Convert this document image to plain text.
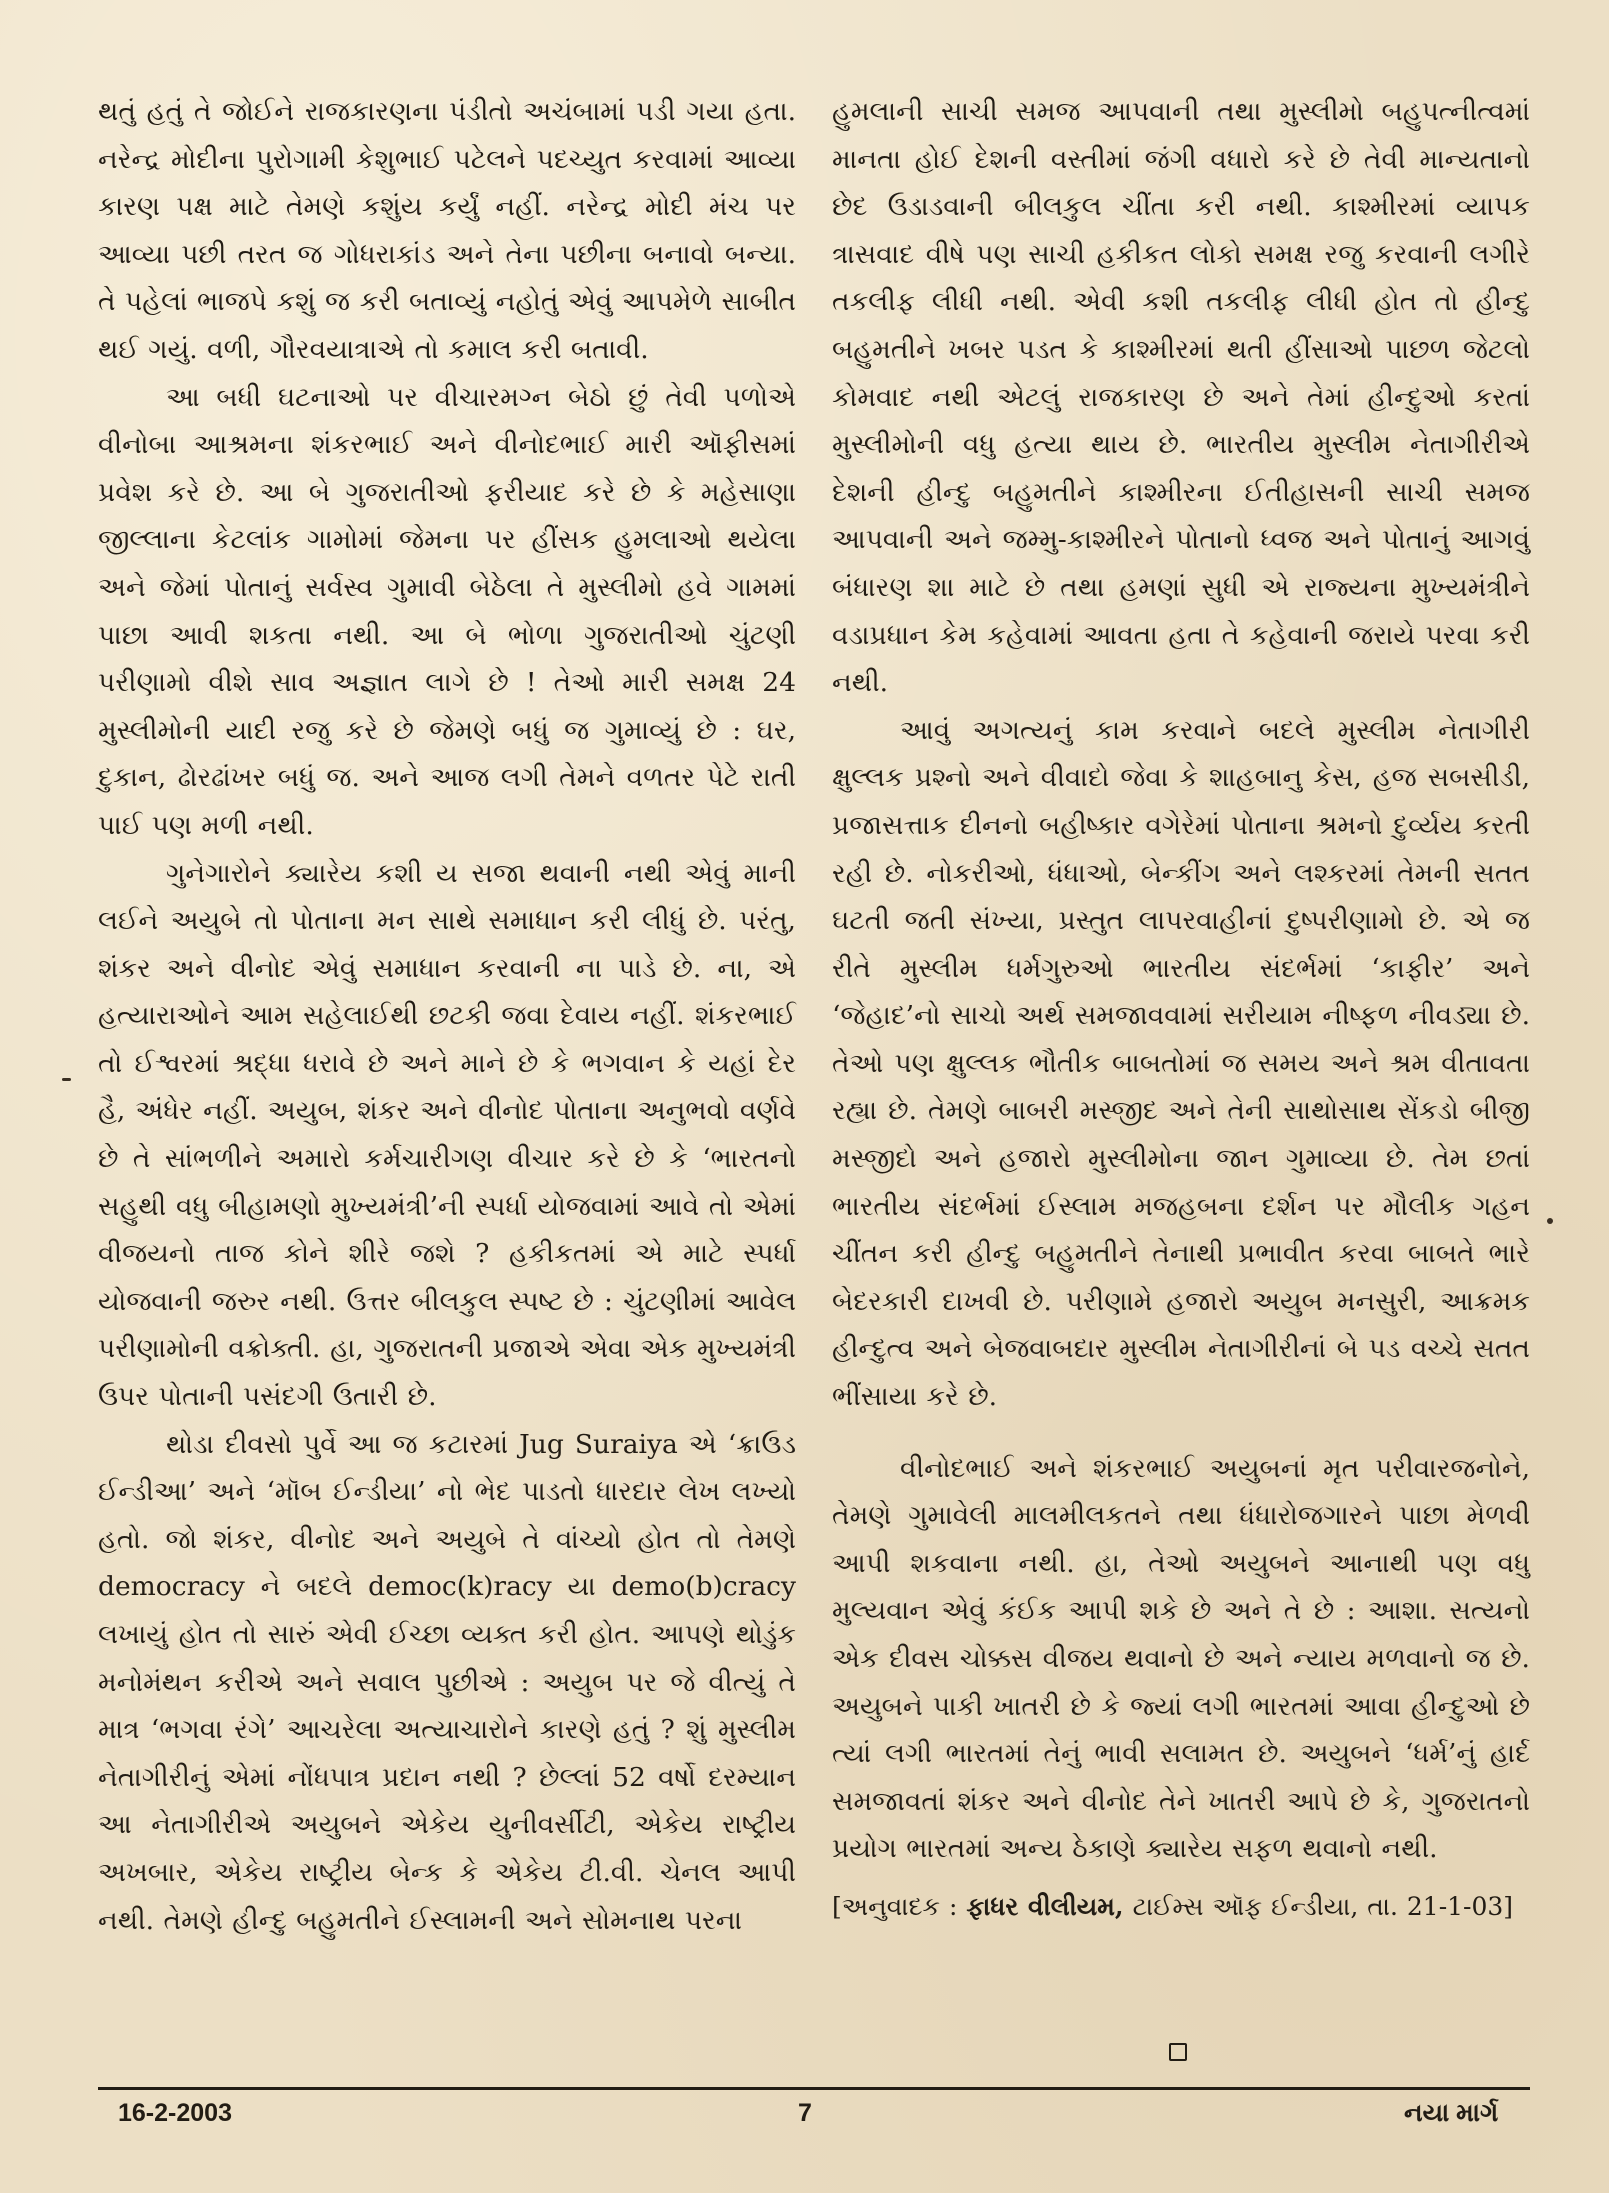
થતું હતું તે જોઈને રાજકારણના પંડીતો અચંબામાં પડી ગયા હતા. નરેન્દ્ર મોદીના પુરોગામી કેશુભાઈ પટેલને પદચ્યુત કરવામાં આવ્યા કારણ પક્ષ માટે તેમણે કશુંય કર્યું નહીં. નરેન્દ્ર મોદી મંચ પર આવ્યા પછી તરત જ ગોધરાકાંડ અને તેના પછીના બનાવો બન્યા. તે પહેલાં ભાજપે કશું જ કરી બતાવ્યું નહોતું એવું આપમેળે સાબીત થઈ ગયું. વળી, ગૌરવયાત્રાએ તો કમાલ કરી બતાવી.

આ બધી ઘટનાઓ પર વીચારમગ્ન બેઠો છું તેવી પળોએ વીનોબા આશ્રમના શંકરભાઈ અને વીનોદભાઈ મારી ઑફીસમાં પ્રવેશ કરે છે. આ બે ગુજરાતીઓ ફરીયાદ કરે છે કે મહેસાણા જીલ્લાના કેટલાંક ગામોમાં જેમના પર હીંસક હુમલાઓ થયેલા અને જેમાં પોતાનું સર્વસ્વ ગુમાવી બેઠેલા તે મુસ્લીમો હવે ગામમાં પાછા આવી શકતા નથી. આ બે ભોળા ગુજરાતીઓ ચુંટણી પરીણામો વીશે સાવ અજ્ઞાત લાગે છે ! તેઓ મારી સમક્ષ 24 મુસ્લીમોની યાદી રજુ કરે છે જેમણે બધું જ ગુમાવ્યું છે : ઘર, દુકાન, ઢોરઢાંખર બધું જ. અને આજ લગી તેમને વળતર પેટે રાતી પાઈ પણ મળી નથી.

ગુનેગારોને ક્યારેય કશી ય સજા થવાની નથી એવું માની લઈને અયુબે તો પોતાના મન સાથે સમાધાન કરી લીધું છે. પરંતુ, શંકર અને વીનોદ એવું સમાધાન કરવાની ના પાડે છે. ના, એ હત્યારાઓને આમ સહેલાઈથી છટકી જવા દેવાય નહીં. શંકરભાઈ તો ઈશ્વરમાં શ્રદ્ધા ધરાવે છે અને માને છે કે ભગવાન કે યહાં દેર હૈ, અંધેર નહીં. અયુબ, શંકર અને વીનોદ પોતાના અનુભવો વર્ણવે છે તે સાંભળીને અમારો કર્મચારીગણ વીચાર કરે છે કે ‘ભારતનો સહુથી વધુ બીહામણો મુખ્યમંત્રી’ની સ્પર્ધા યોજવામાં આવે તો એમાં વીજયનો તાજ કોને શીરે જશે ? હકીકતમાં એ માટે સ્પર્ધા યોજવાની જરુર નથી. ઉત્તર બીલકુલ સ્પષ્ટ છે : ચુંટણીમાં આવેલ પરીણામોની વક્રોક્તી. હા, ગુજરાતની પ્રજાએ એવા એક મુખ્યમંત્રી ઉપર પોતાની પસંદગી ઉતારી છે.

થોડા દીવસો પુર્વે આ જ કટારમાં Jug Suraiya એ ‘ક્રાઉડ ઈન્ડીઆ’ અને ‘મૉબ ઈન્ડીયા’ નો ભેદ પાડતો ધારદાર લેખ લખ્યો હતો. જો શંકર, વીનોદ અને અયુબે તે વાંચ્યો હોત તો તેમણે democracy ને બદલે democ(k)racy યા demo(b)cracy લખાયું હોત તો સારું એવી ઈચ્છા વ્યક્ત કરી હોત. આપણે થોડુંક મનોમંથન કરીએ અને સવાલ પુછીએ : અયુબ પર જે વીત્યું તે માત્ર ‘ભગવા રંગે’ આચરેલા અત્યાચારોને કારણે હતું ? શું મુસ્લીમ નેતાગીરીનું એમાં નોંધપાત્ર પ્રદાન નથી ? છેલ્લાં 52 વર્ષો દરમ્યાન આ નેતાગીરીએ અયુબને એકેય યુનીવર્સીટી, એકેય રાષ્ટ્રીય અખબાર, એકેય રાષ્ટ્રીય બેન્ક કે એકેય ટી.વી. ચેનલ આપી નથી. તેમણે હીન્દુ બહુમતીને ઈસ્લામની અને સોમનાથ પરના

હુમલાની સાચી સમજ આપવાની તથા મુસ્લીમો બહુપત્નીત્વમાં માનતા હોઈ દેશની વસ્તીમાં જંગી વધારો કરે છે તેવી માન્યતાનો છેદ ઉડાડવાની બીલકુલ ચીંતા કરી નથી. કાશ્મીરમાં વ્યાપક ત્રાસવાદ વીષે પણ સાચી હકીકત લોકો સમક્ષ રજુ કરવાની લગીરે તકલીફ લીધી નથી. એવી કશી તકલીફ લીધી હોત તો હીન્દુ બહુમતીને ખબર પડત કે કાશ્મીરમાં થતી હીંસાઓ પાછળ જેટલો કોમવાદ નથી એટલું રાજકારણ છે અને તેમાં હીન્દુઓ કરતાં મુસ્લીમોની વધુ હત્યા થાય છે. ભારતીય મુસ્લીમ નેતાગીરીએ દેશની હીન્દુ બહુમતીને કાશ્મીરના ઈતીહાસની સાચી સમજ આપવાની અને જમ્મુ-કાશ્મીરને પોતાનો ધ્વજ અને પોતાનું આગવું બંધારણ શા માટે છે તથા હમણાં સુધી એ રાજ્યના મુખ્યમંત્રીને વડાપ્રધાન કેમ કહેવામાં આવતા હતા તે કહેવાની જરાયે પરવા કરી નથી.

આવું અગત્યનું કામ કરવાને બદલે મુસ્લીમ નેતાગીરી ક્ષુલ્લક પ્રશ્નો અને વીવાદો જેવા કે શાહબાનુ કેસ, હજ સબસીડી, પ્રજાસત્તાક દીનનો બહીષ્કાર વગેરેમાં પોતાના શ્રમનો દુર્વ્યય કરતી રહી છે. નોકરીઓ, ધંધાઓ, બેન્કીંગ અને લશ્કરમાં તેમની સતત ઘટતી જતી સંખ્યા, પ્રસ્તુત લાપરવાહીનાં દુષ્પરીણામો છે. એ જ રીતે મુસ્લીમ ધર્મગુરુઓ ભારતીય સંદર્ભમાં ‘કાફીર’ અને ‘જેહાદ’નો સાચો અર્થ સમજાવવામાં સરીયામ નીષ્ફળ નીવડ્યા છે. તેઓ પણ ક્ષુલ્લક ભૌતીક બાબતોમાં જ સમય અને શ્રમ વીતાવતા રહ્યા છે. તેમણે બાબરી મસ્જીદ અને તેની સાથોસાથ સેંકડો બીજી મસ્જીદો અને હજારો મુસ્લીમોના જાન ગુમાવ્યા છે. તેમ છતાં ભારતીય સંદર્ભમાં ઈસ્લામ મજહબના દર્શન પર મૌલીક ગહન ચીંતન કરી હીન્દુ બહુમતીને તેનાથી પ્રભાવીત કરવા બાબતે ભારે બેદરકારી દાખવી છે. પરીણામે હજારો અયુબ મનસુરી, આક્રમક હીન્દુત્વ અને બેજવાબદાર મુસ્લીમ નેતાગીરીનાં બે પડ વચ્ચે સતત ભીંસાયા કરે છે.

વીનોદભાઈ અને શંકરભાઈ અયુબનાં મૃત પરીવારજનોને, તેમણે ગુમાવેલી માલમીલકતને તથા ધંધારોજગારને પાછા મેળવી આપી શકવાના નથી. હા, તેઓ અયુબને આનાથી પણ વધુ મુલ્યવાન એવું કંઈક આપી શકે છે અને તે છે : આશા. સત્યનો એક દીવસ ચોક્કસ વીજય થવાનો છે અને ન્યાય મળવાનો જ છે. અયુબને પાકી ખાતરી છે કે જ્યાં લગી ભારતમાં આવા હીન્દુઓ છે ત્યાં લગી ભારતમાં તેનું ભાવી સલામત છે. અયુબને ‘ધર્મ’નું હાર્દ સમજાવતાં શંકર અને વીનોદ તેને ખાતરી આપે છે કે, ગુજરાતનો પ્રયોગ ભારતમાં અન્ય ઠેકાણે ક્યારેય સફળ થવાનો નથી.

[અનુવાદક : ફાધર વીલીયમ, ટાઈમ્સ ઑફ ઈન્ડીયા, તા. 21-1-03]
16-2-2003	7	નયા માર્ગ
